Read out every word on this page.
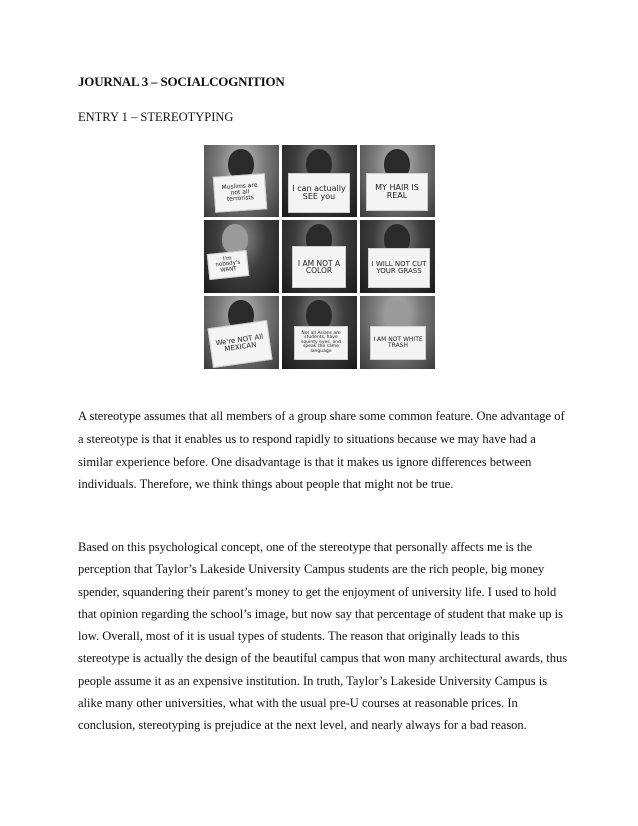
JOURNAL 3 – SOCIALCOGNITION
ENTRY 1 – STEREOTYPING
Muslims are not all terrorists
I can actually SEE you
MY HAIR IS REAL
I'm nobody's WANT
I AM NOT A COLOR
I WILL NOT CUT YOUR GRASS
We're NOT All MEXICAN
Not all Asians are students, have squinty eyes, and speak the same language
I AM NOT WHITE TRASH
A stereotype assumes that all members of a group share some common feature. One advantage of a stereotype is that it enables us to respond rapidly to situations because we may have had a similar experience before. One disadvantage is that it makes us ignore differences between individuals. Therefore, we think things about people that might not be true.
Based on this psychological concept, one of the stereotype that personally affects me is the perception that Taylor’s Lakeside University Campus students are the rich people, big money spender, squandering their parent’s money to get the enjoyment of university life. I used to hold that opinion regarding the school’s image, but now say that percentage of student that make up is low. Overall, most of it is usual types of students. The reason that originally leads to this stereotype is actually the design of the beautiful campus that won many architectural awards, thus people assume it as an expensive institution. In truth, Taylor’s Lakeside University Campus is alike many other universities, what with the usual pre-U courses at reasonable prices. In conclusion, stereotyping is prejudice at the next level, and nearly always for a bad reason.
